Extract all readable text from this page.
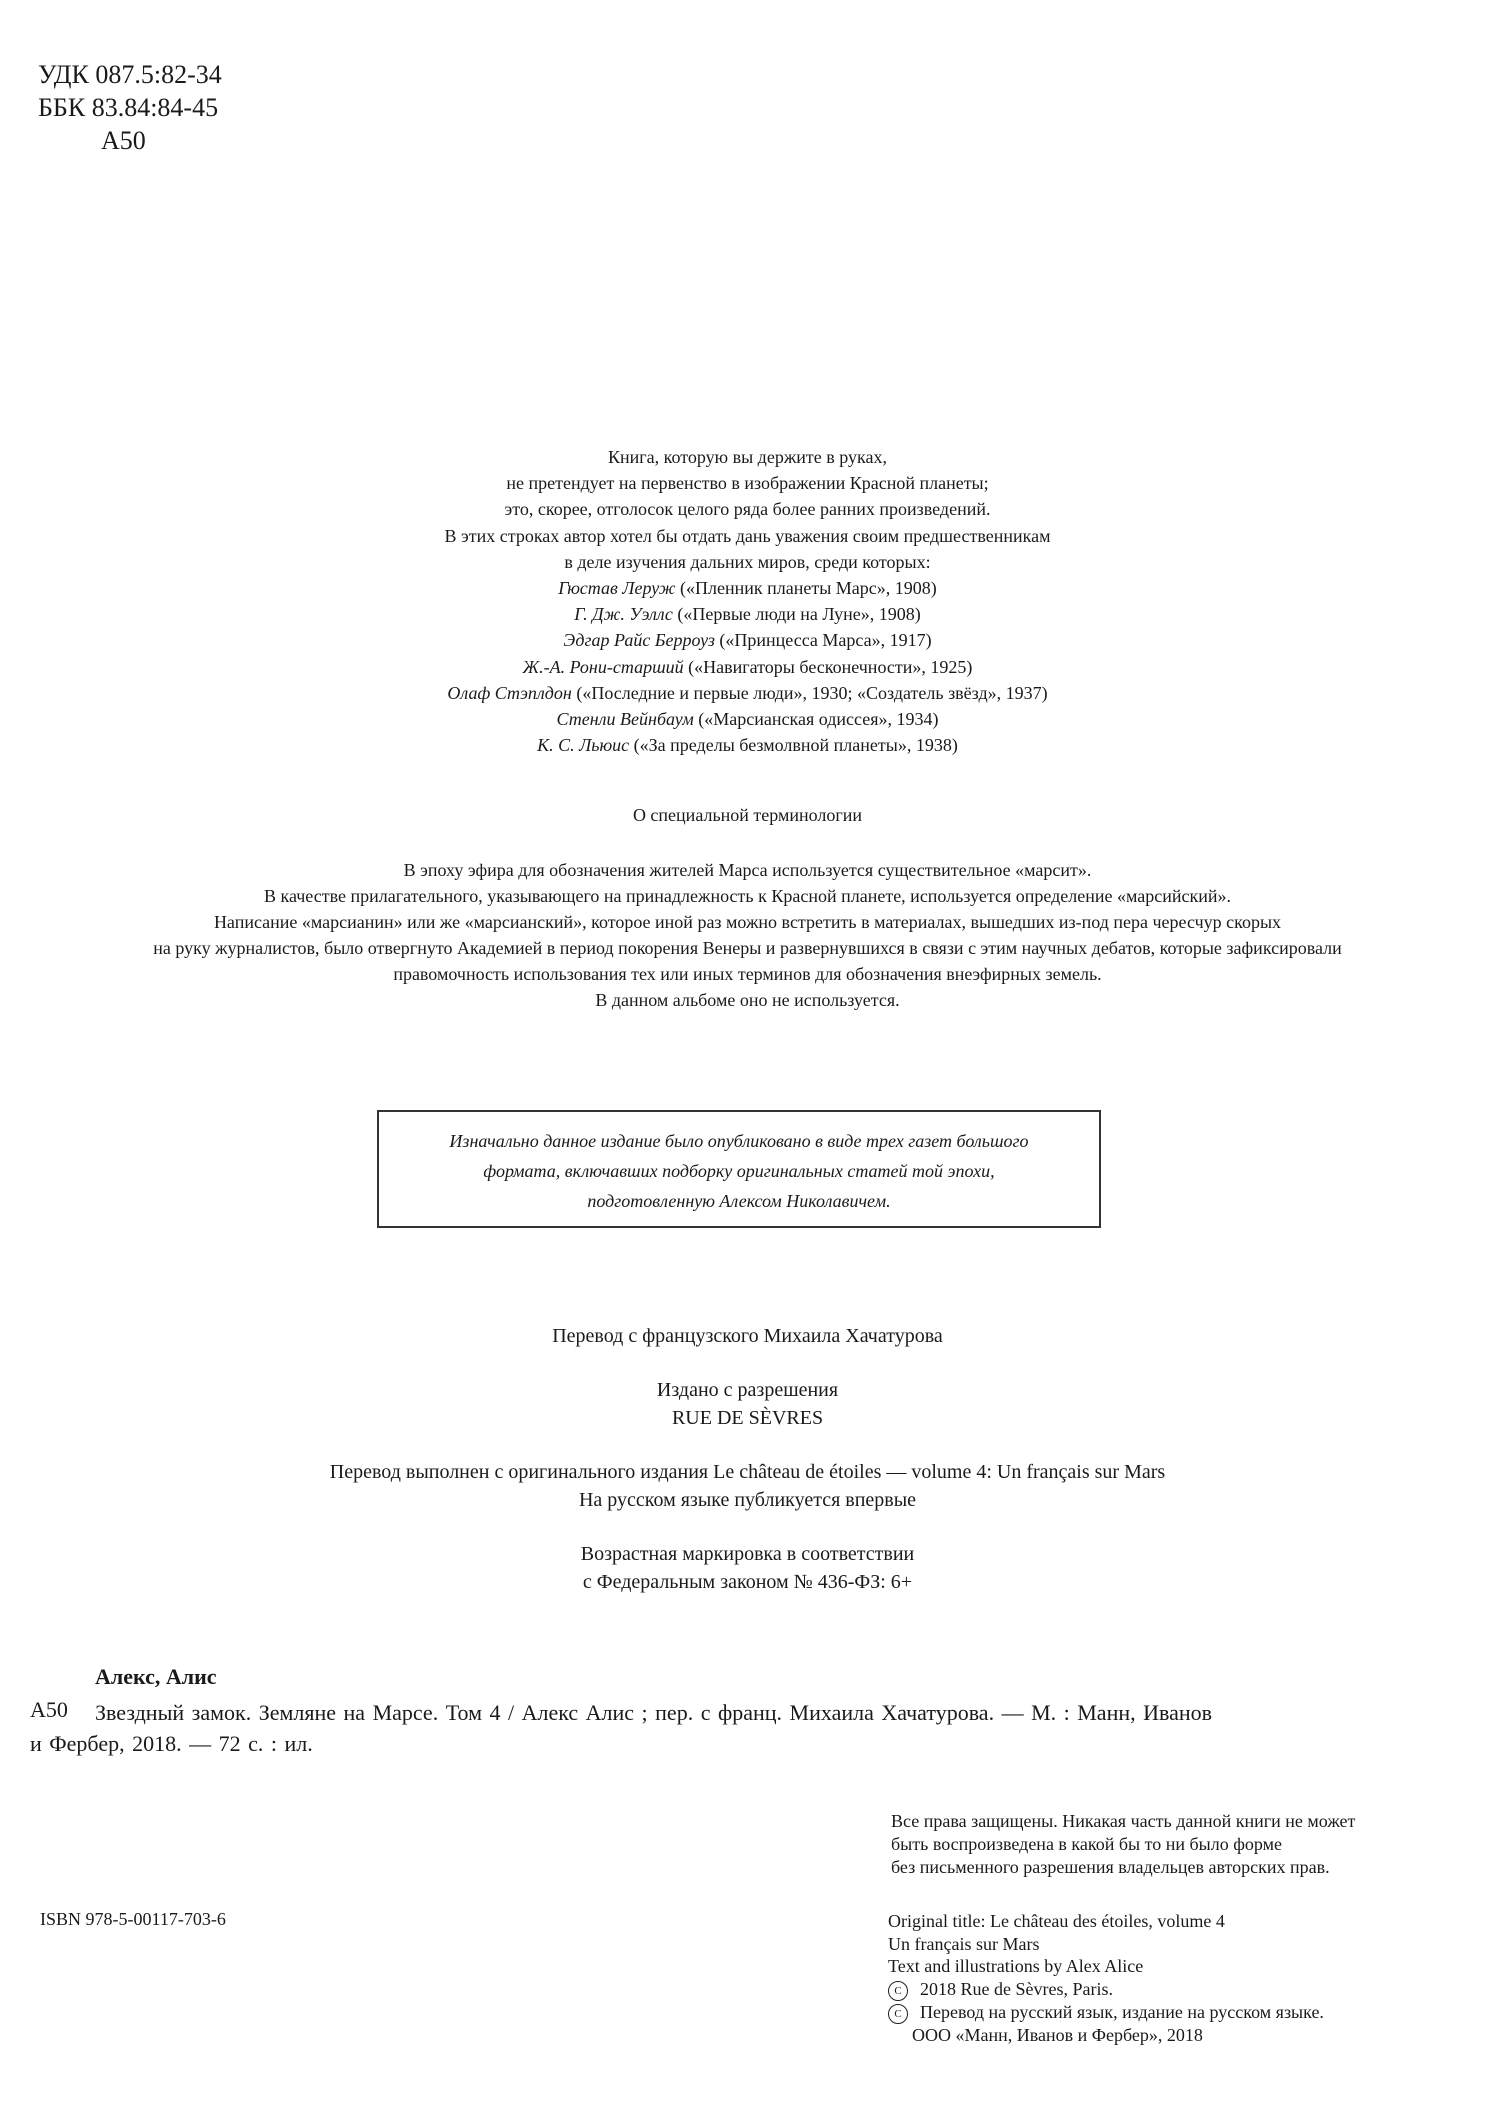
УДК 087.5:82-34
ББК 83.84:84-45
А50
Книга, которую вы держите в руках,
не претендует на первенство в изображении Красной планеты;
это, скорее, отголосок целого ряда более ранних произведений.
В этих строках автор хотел бы отдать дань уважения своим предшественникам
в деле изучения дальних миров, среди которых:
Гюстав Леруж («Пленник планеты Марс», 1908)
Г. Дж. Уэллс («Первые люди на Луне», 1908)
Эдгар Райс Берроуз («Принцесса Марса», 1917)
Ж.-А. Рони-старший («Навигаторы бесконечности», 1925)
Олаф Стэплдон («Последние и первые люди», 1930; «Создатель звёзд», 1937)
Стенли Вейнбаум («Марсианская одиссея», 1934)
К. С. Льюис («За пределы безмолвной планеты», 1938)
О специальной терминологии
В эпоху эфира для обозначения жителей Марса используется существительное «марсит».
В качестве прилагательного, указывающего на принадлежность к Красной планете, используется определение «марсийский».
Написание «марсианин» или же «марсианский», которое иной раз можно встретить в материалах, вышедших из-под пера чересчур скорых
на руку журналистов, было отвергнуто Академией в период покорения Венеры и развернувшихся в связи с этим научных дебатов, которые зафиксировали
правомочность использования тех или иных терминов для обозначения внеэфирных земель.
В данном альбоме оно не используется.
Изначально данное издание было опубликовано в виде трех газет большого
формата, включавших подборку оригинальных статей той эпохи,
подготовленную Алексом Николавичем.

Перевод с французского Михаила Хачатурова

Издано с разрешения
RUE DE SÈVRES

Перевод выполнен с оригинального издания Le château de étoiles — volume 4: Un français sur Mars
На русском языке публикуется впервые

Возрастная маркировка в соответствии
с Федеральным законом № 436-ФЗ: 6+

Алекс, Алис
А50 Звездный замок. Земляне на Марсе. Том 4 / Алекс Алис ; пер. с франц. Михаила Хачатурова. — М. : Манн, Иванов
и Фербер, 2018. — 72 с. : ил.
Все права защищены. Никакая часть данной книги не может
быть воспроизведена в какой бы то ни было форме
без письменного разрешения владельцев авторских прав.
ISBN 978-5-00117-703-6	Original title: Le château des étoiles, volume 4
Un français sur Mars
Text and illustrations by Alex Alice
C 2018 Rue de Sèvres, Paris.
C Перевод на русский язык, издание на русском языке.
ООО «Манн, Иванов и Фербер», 2018
